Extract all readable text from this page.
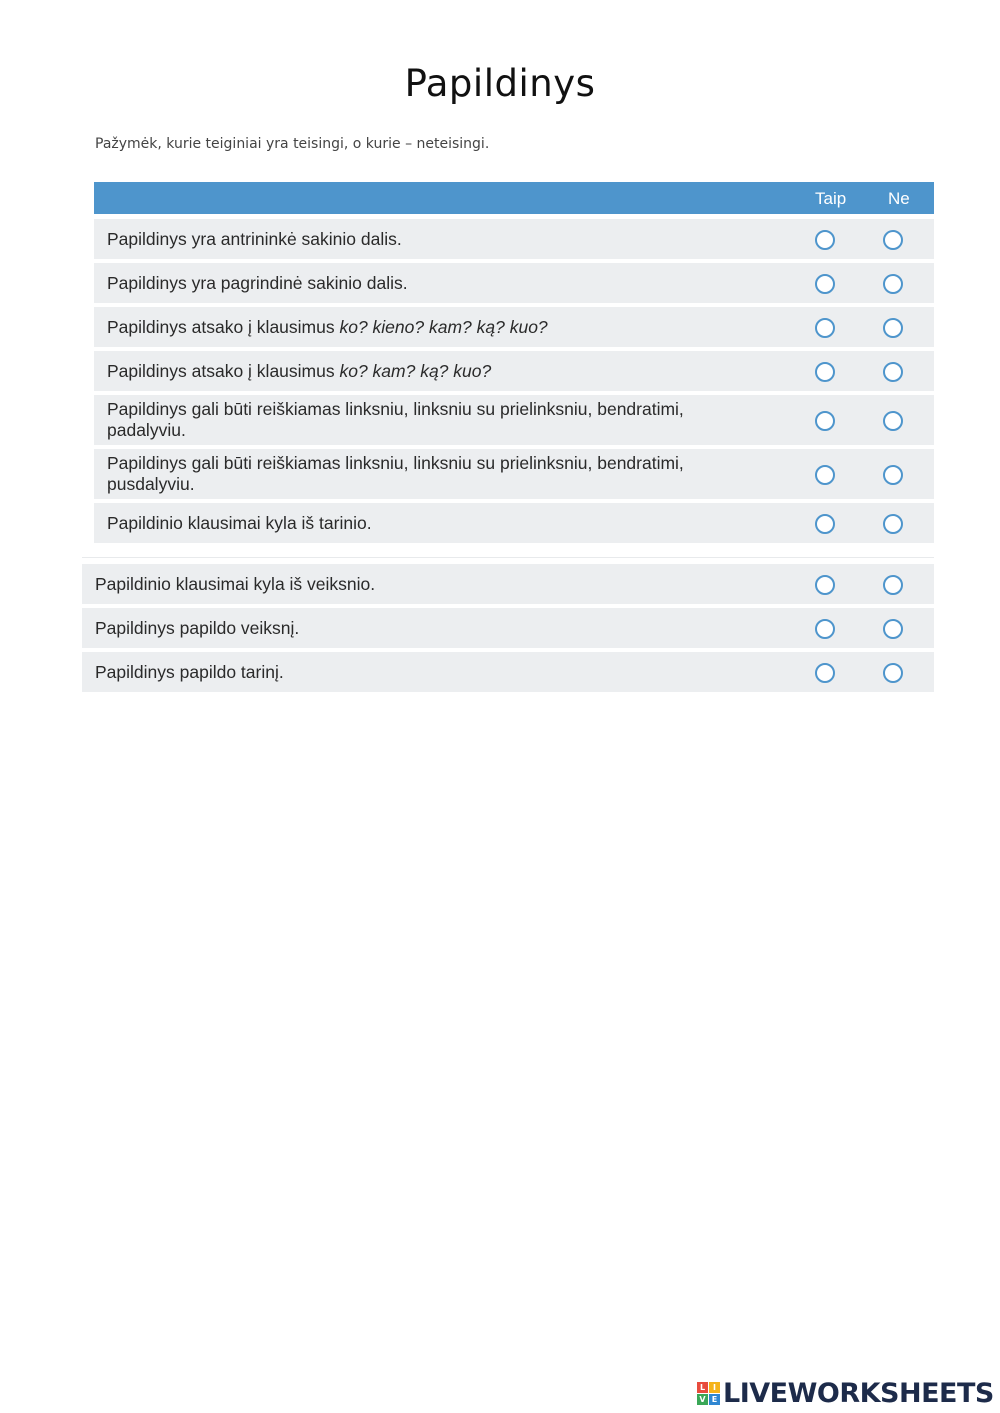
Papildinys
Pažymėk, kurie teiginiai yra teisingi, o kurie – neteisingi.
Taip Ne
Papildinys yra antrininkė sakinio dalis.
Papildinys yra pagrindinė sakinio dalis.
Papildinys atsako į klausimus ko? kieno? kam? ką? kuo?
Papildinys atsako į klausimus ko? kam? ką? kuo?
Papildinys gali būti reiškiamas linksniu, linksniu su prielinksniu, bendratimi, padalyviu.
Papildinys gali būti reiškiamas linksniu, linksniu su prielinksniu, bendratimi, pusdalyviu.
Papildinio klausimai kyla iš tarinio.
Papildinio klausimai kyla iš veiksnio.
Papildinys papildo veiksnį.
Papildinys papildo tarinį.
L I
V E LIVEWORKSHEETS
